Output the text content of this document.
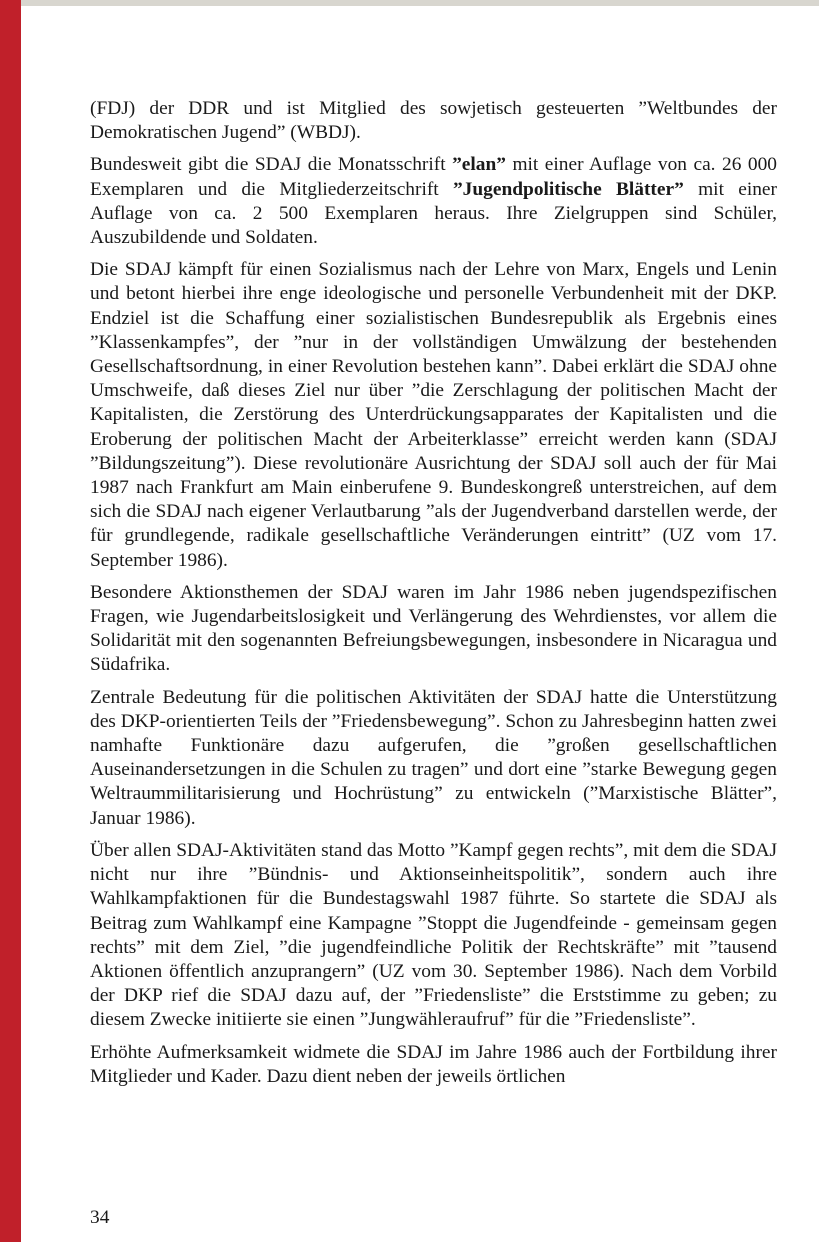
(FDJ) der DDR und ist Mitglied des sowjetisch gesteuerten ”Weltbundes der Demokratischen Jugend” (WBDJ).

Bundesweit gibt die SDAJ die Monatsschrift ”elan” mit einer Auflage von ca. 26 000 Exemplaren und die Mitgliederzeitschrift ”Jugendpolitische Blätter” mit einer Auflage von ca. 2 500 Exemplaren heraus. Ihre Zielgruppen sind Schüler, Auszubildende und Soldaten.

Die SDAJ kämpft für einen Sozialismus nach der Lehre von Marx, Engels und Lenin und betont hierbei ihre enge ideologische und personelle Verbundenheit mit der DKP. Endziel ist die Schaffung einer sozialistischen Bundesrepublik als Ergebnis eines ”Klassenkampfes”, der ”nur in der vollständigen Umwälzung der bestehenden Gesellschaftsordnung, in einer Revolution bestehen kann”. Dabei erklärt die SDAJ ohne Umschweife, daß dieses Ziel nur über ”die Zerschlagung der politischen Macht der Kapitalisten, die Zerstörung des Unterdrückungsapparates der Kapitalisten und die Eroberung der politischen Macht der Arbeiterklasse” erreicht werden kann (SDAJ ”Bildungszeitung”). Diese revolutionäre Ausrichtung der SDAJ soll auch der für Mai 1987 nach Frankfurt am Main einberufene 9. Bundeskongreß unterstreichen, auf dem sich die SDAJ nach eigener Verlautbarung ”als der Jugendverband darstellen werde, der für grundlegende, radikale gesellschaftliche Veränderungen eintritt” (UZ vom 17. September 1986).

Besondere Aktionsthemen der SDAJ waren im Jahr 1986 neben jugendspezifischen Fragen, wie Jugendarbeitslosigkeit und Verlängerung des Wehrdienstes, vor allem die Solidarität mit den sogenannten Befreiungsbewegungen, insbesondere in Nicaragua und Südafrika.

Zentrale Bedeutung für die politischen Aktivitäten der SDAJ hatte die Unterstützung des DKP-orientierten Teils der ”Friedensbewegung”. Schon zu Jahresbeginn hatten zwei namhafte Funktionäre dazu aufgerufen, die ”großen gesellschaftlichen Auseinandersetzungen in die Schulen zu tragen” und dort eine ”starke Bewegung gegen Weltraummilitarisierung und Hochrüstung” zu entwickeln (”Marxistische Blätter”, Januar 1986).

Über allen SDAJ-Aktivitäten stand das Motto ”Kampf gegen rechts”, mit dem die SDAJ nicht nur ihre ”Bündnis- und Aktionseinheitspolitik”, sondern auch ihre Wahlkampfaktionen für die Bundestagswahl 1987 führte. So startete die SDAJ als Beitrag zum Wahlkampf eine Kampagne ”Stoppt die Jugendfeinde - gemeinsam gegen rechts” mit dem Ziel, ”die jugendfeindliche Politik der Rechtskräfte” mit ”tausend Aktionen öffentlich anzuprangern” (UZ vom 30. September 1986). Nach dem Vorbild der DKP rief die SDAJ dazu auf, der ”Friedensliste” die Erststimme zu geben; zu diesem Zwecke initiierte sie einen ”Jungwähleraufruf” für die ”Friedensliste”.

Erhöhte Aufmerksamkeit widmete die SDAJ im Jahre 1986 auch der Fortbildung ihrer Mitglieder und Kader. Dazu dient neben der jeweils örtlichen

34
